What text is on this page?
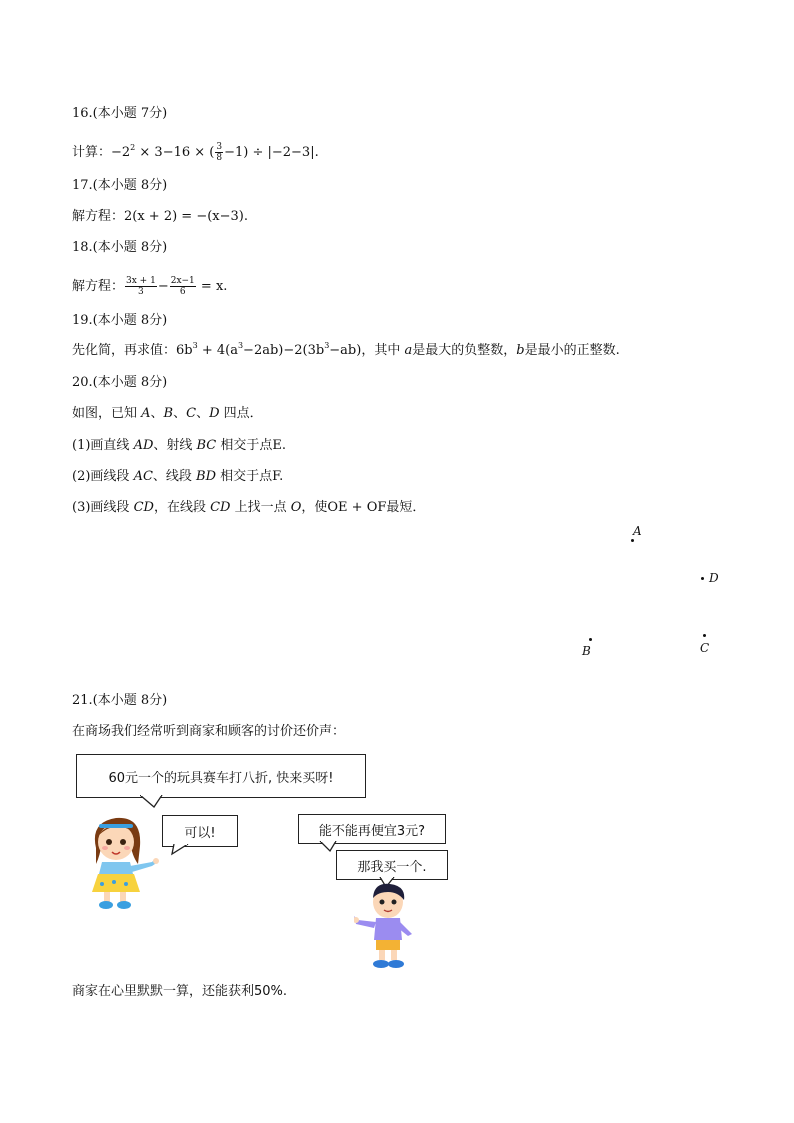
16.(本小题 7分)
计算：$-2^2 \times 3-16$ × ( $\frac{3}{8} -1) \div |-2-3|$.
17.(本小题 8分)
解方程：2(x + 2) = −(x−3).
18.(本小题 8分)
解方程： $\frac{3x + 1}{3} - \frac{2x-1}{6} = x$.
19.(本小题 8分)
先化简，再求值：$6b^3 + 4(a^3-2ab)-2(3b^3-ab)$，其中 a是最大的负整数，b是最小的正整数.
20.(本小题 8分)
如图，已知 A、B、C、D 四点．
(1)画直线 AD、射线 BC 相交于点E.
(2)画线段 AC、线段 BD 相交于点F.
(3)画线段 CD，在线段 CD 上找一点 O，使OE + OF最短．
A
D
B	C
21.(本小题 8分)
在商场我们经常听到商家和顾客的讨价还价声：
60元一个的玩具赛车打八折, 快来买呀!
可以!	能不能再便宜3元?
那我买一个.
商家在心里默默一算，还能获利50%.
